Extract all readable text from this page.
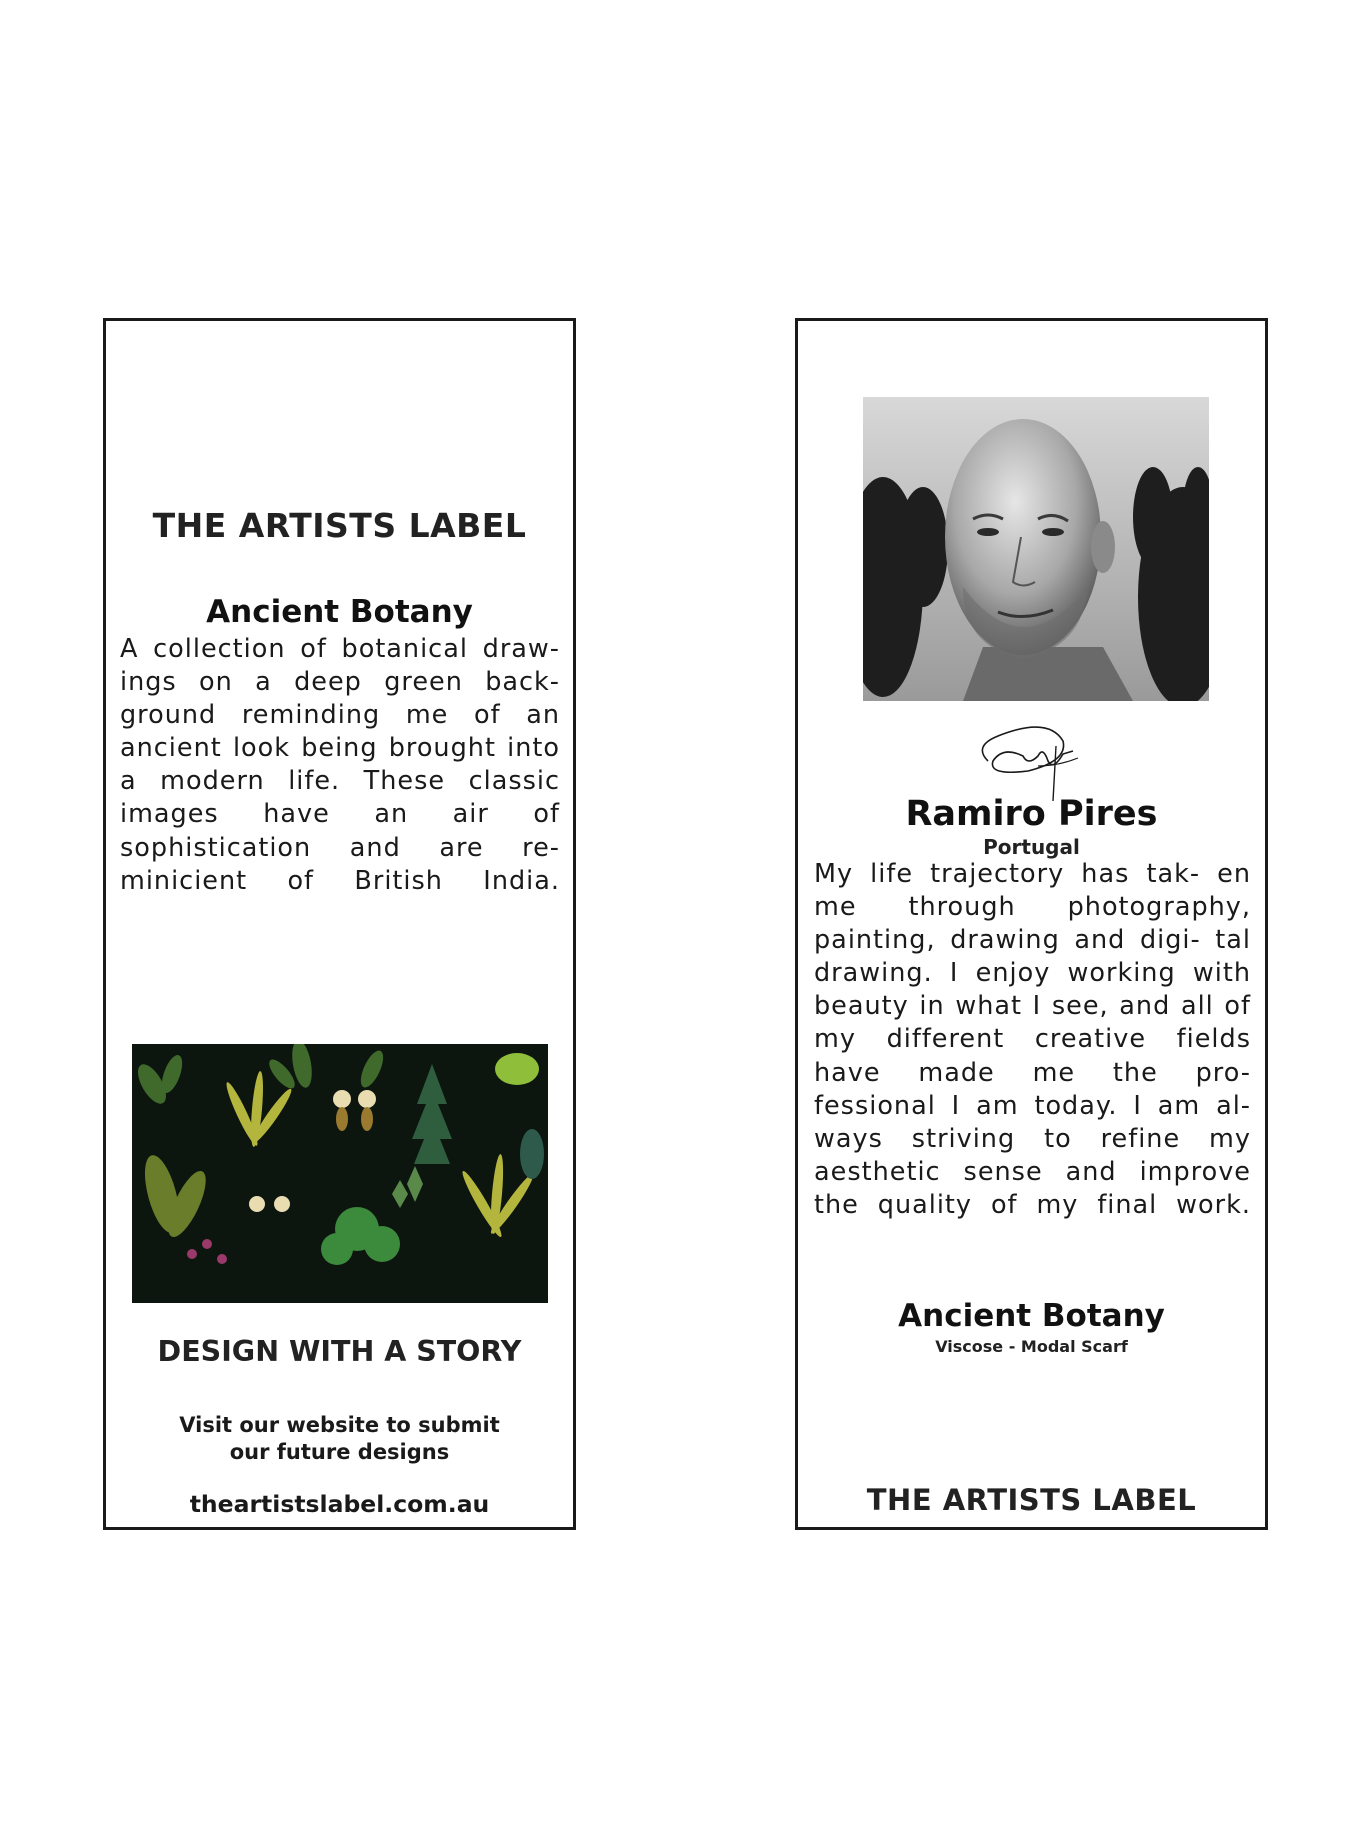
THE ARTISTS LABEL
Ancient Botany

A collection of botanical draw- ings on a deep green back- ground reminding me of an ancient look being brought into a modern life. These classic images have an air of sophistication and are re- minicient of British India.

DESIGN WITH A STORY
Visit our website to submit
our future designs
theartistslabel.com.au
Ramiro Pires
Portugal

My life trajectory has tak- en me through photography, painting, drawing and digi- tal drawing. I enjoy working with beauty in what I see, and all of my different creative fields have made me the pro- fessional I am today. I am al- ways striving to refine my aesthetic sense and improve the quality of my final work.

Ancient Botany
Viscose - Modal Scarf
THE ARTISTS LABEL
